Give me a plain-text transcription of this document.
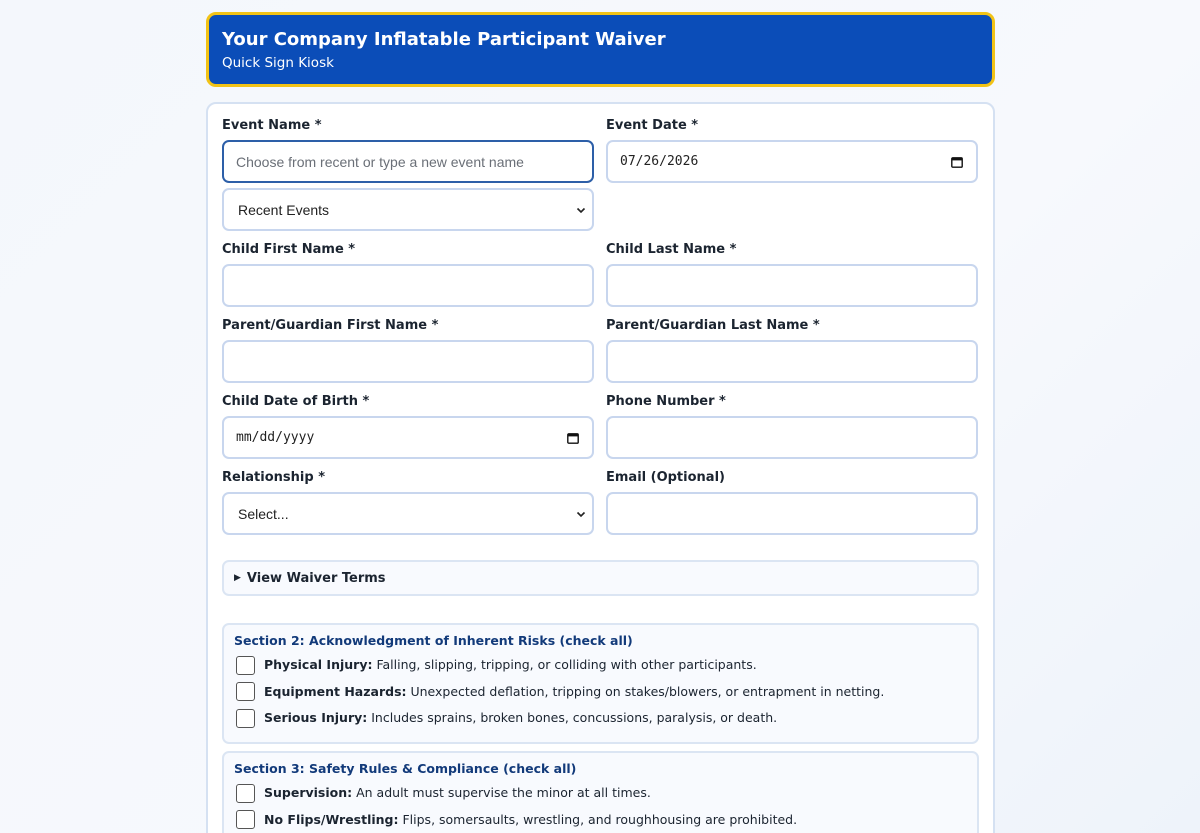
Your Company Inflatable Participant Waiver
Quick Sign Kiosk
Event Name *
Choose from recent or type a new event name
Recent Events
Event Date *
07/26/2026
Child First Name *	Child Last Name *
Parent/Guardian First Name *	Parent/Guardian Last Name *
Child Date of Birth *
mm/dd/yyyy
Phone Number *
Relationship *
Select...
Email (Optional)
▶ View Waiver Terms
Section 2: Acknowledgment of Inherent Risks (check all)
Physical Injury: Falling, slipping, tripping, or colliding with other participants.
Equipment Hazards: Unexpected deflation, tripping on stakes/blowers, or entrapment in netting.
Serious Injury: Includes sprains, broken bones, concussions, paralysis, or death.
Section 3: Safety Rules & Compliance (check all)
Supervision: An adult must supervise the minor at all times.
No Flips/Wrestling: Flips, somersaults, wrestling, and roughhousing are prohibited.
